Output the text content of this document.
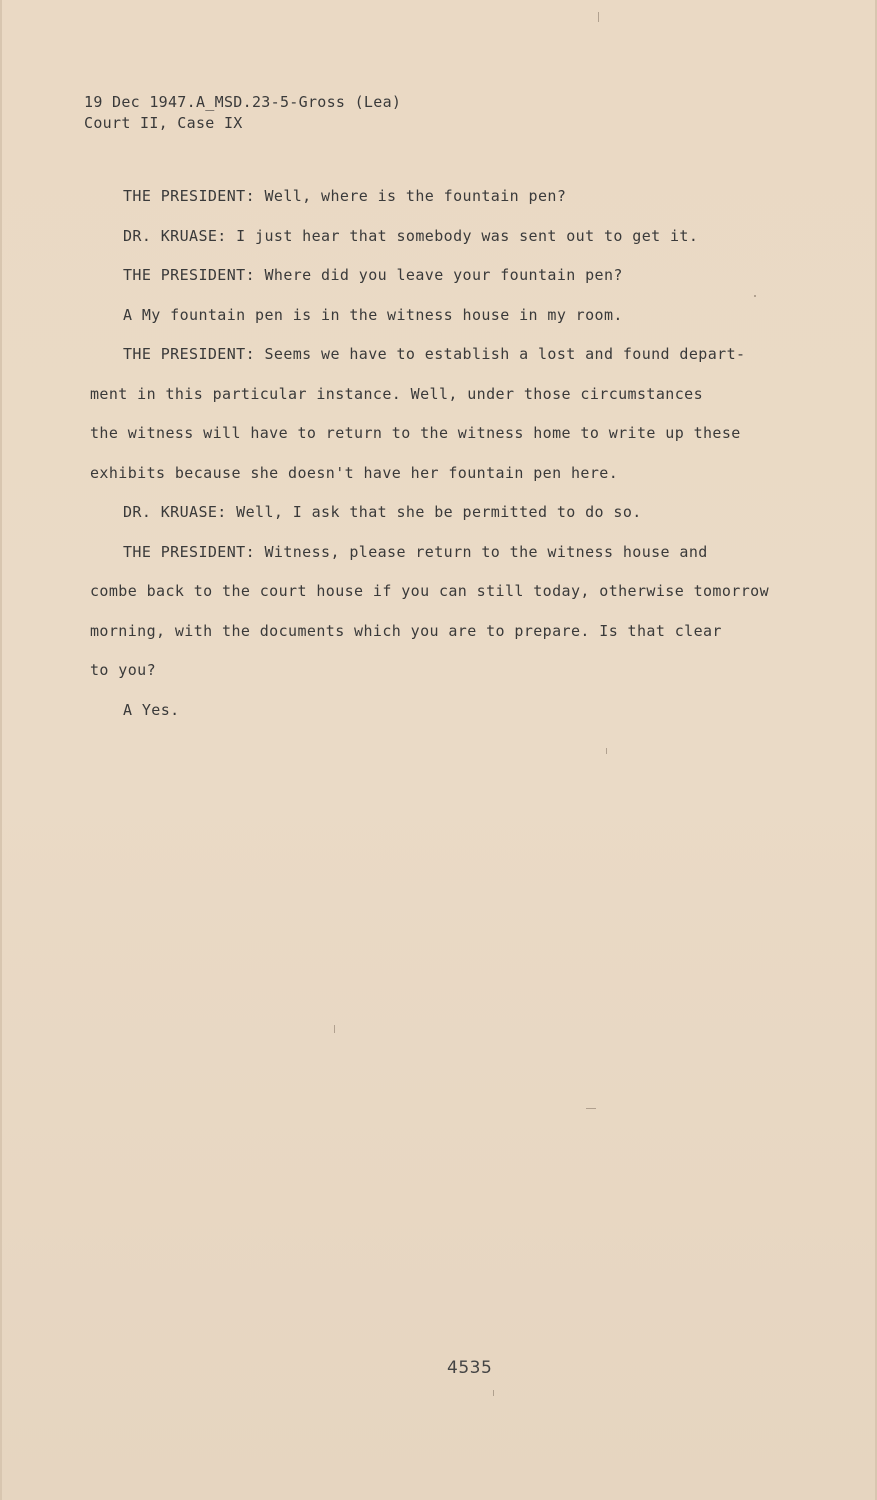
19 Dec 1947.A_MSD.23-5-Gross (Lea)
Court II, Case IX
THE PRESIDENT: Well, where is the fountain pen?
DR. KRUASE: I just hear that somebody was sent out to get it.
THE PRESIDENT: Where did you leave your fountain pen?
A My fountain pen is in the witness house in my room.
THE PRESIDENT: Seems we have to establish a lost and found depart-
ment in this particular instance. Well, under those circumstances
the witness will have to return to the witness home to write up these
exhibits because she doesn't have her fountain pen here.
DR. KRUASE: Well, I ask that she be permitted to do so.
THE PRESIDENT: Witness, please return to the witness house and
combe back to the court house if you can still today, otherwise tomorrow
morning, with the documents which you are to prepare. Is that clear
to you?
A Yes.
4535
